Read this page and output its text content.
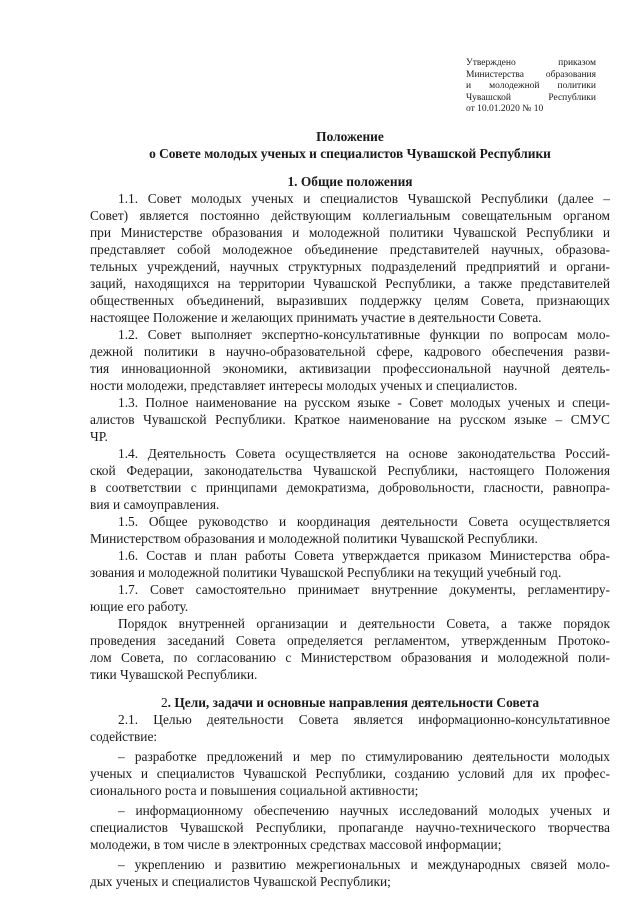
Утверждено приказом
Министерства образования
и молодежной политики
Чувашской Республики
от 10.01.2020 № 10
Положение
о Совете молодых ученых и специалистов Чувашской Республики
1. Общие положения
1.1. Совет молодых ученых и специалистов Чувашской Республики (далее –
Совет) является постоянно действующим коллегиальным совещательным органом
при Министерстве образования и молодежной политики Чувашской Республики и
представляет собой молодежное объединение представителей научных, образова-
тельных учреждений, научных структурных подразделений предприятий и органи-
заций, находящихся на территории Чувашской Республики, а также представителей
общественных объединений, выразивших поддержку целям Совета, признающих
настоящее Положение и желающих принимать участие в деятельности Совета.
1.2. Совет выполняет экспертно-консультативные функции по вопросам моло-
дежной политики в научно-образовательной сфере, кадрового обеспечения разви-
тия инновационной экономики, активизации профессиональной научной деятель-
ности молодежи, представляет интересы молодых ученых и специалистов.
1.3. Полное наименование на русском языке - Совет молодых ученых и специ-
алистов Чувашской Республики. Краткое наименование на русском языке – СМУС
ЧР.
1.4. Деятельность Совета осуществляется на основе законодательства Россий-
ской Федерации, законодательства Чувашской Республики, настоящего Положения
в соответствии с принципами демократизма, добровольности, гласности, равнопра-
вия и самоуправления.
1.5. Общее руководство и координация деятельности Совета осуществляется
Министерством образования и молодежной политики Чувашской Республики.
1.6. Состав и план работы Совета утверждается приказом Министерства обра-
зования и молодежной политики Чувашской Республики на текущий учебный год.
1.7. Совет самостоятельно принимает внутренние документы, регламентиру-
ющие его работу.
Порядок внутренней организации и деятельности Совета, а также порядок
проведения заседаний Совета определяется регламентом, утвержденным Протоко-
лом Совета, по согласованию с Министерством образования и молодежной поли-
тики Чувашской Республики.
2. Цели, задачи и основные направления деятельности Совета
2.1. Целью деятельности Совета является информационно-консультативное
содействие:
– разработке предложений и мер по стимулированию деятельности молодых
ученых и специалистов Чувашской Республики, созданию условий для их профес-
сионального роста и повышения социальной активности;
– информационному обеспечению научных исследований молодых ученых и
специалистов Чувашской Республики, пропаганде научно-технического творчества
молодежи, в том числе в электронных средствах массовой информации;
– укреплению и развитию межрегиональных и международных связей моло-
дых ученых и специалистов Чувашской Республики;
